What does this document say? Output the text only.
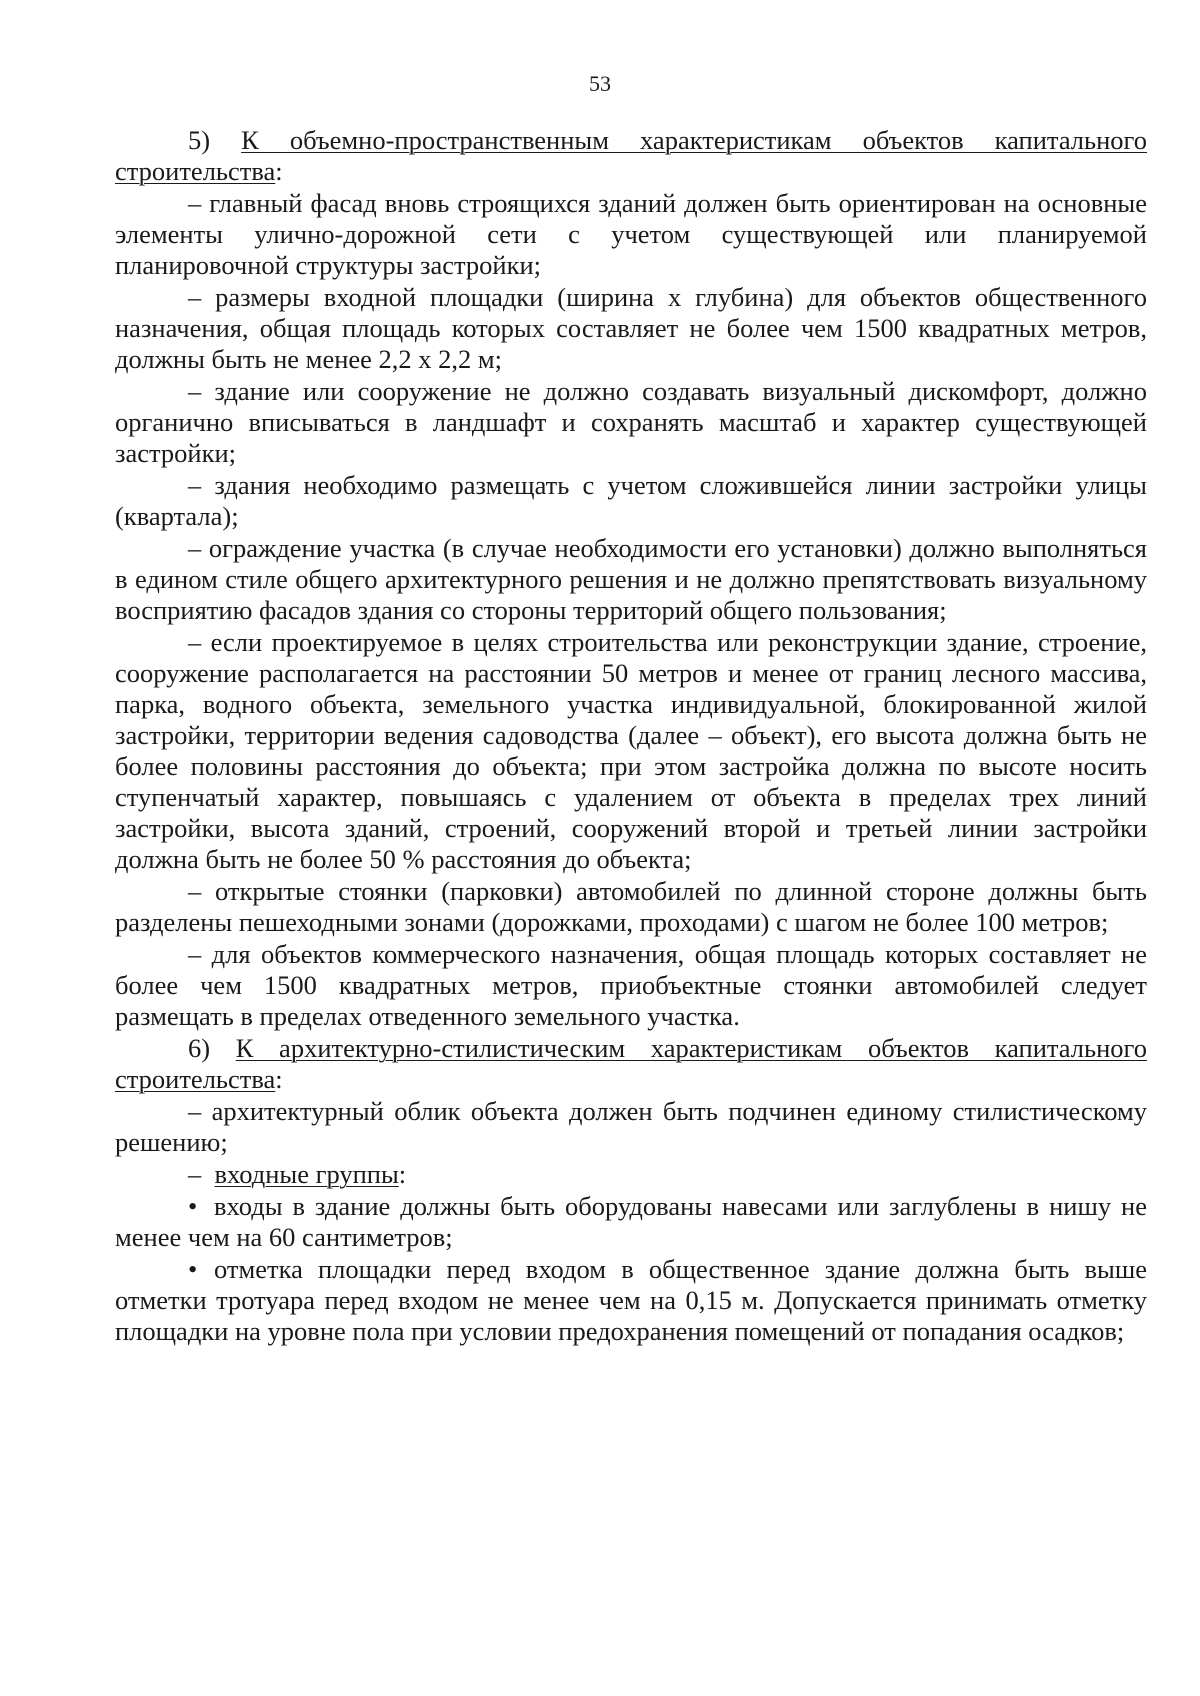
53

5) К объемно-пространственным характеристикам объектов капитального строительства:

– главный фасад вновь строящихся зданий должен быть ориентирован на основные элементы улично-дорожной сети с учетом существующей или планируемой планировочной структуры застройки;

– размеры входной площадки (ширина х глубина) для объектов общественного назначения, общая площадь которых составляет не более чем 1500 квадратных метров, должны быть не менее 2,2 х 2,2 м;

– здание или сооружение не должно создавать визуальный дискомфорт, должно органично вписываться в ландшафт и сохранять масштаб и характер существующей застройки;

– здания необходимо размещать с учетом сложившейся линии застройки улицы (квартала);

– ограждение участка (в случае необходимости его установки) должно выполняться в едином стиле общего архитектурного решения и не должно препятствовать визуальному восприятию фасадов здания со стороны территорий общего пользования;

– если проектируемое в целях строительства или реконструкции здание, строение, сооружение располагается на расстоянии 50 метров и менее от границ лесного массива, парка, водного объекта, земельного участка индивидуальной, блокированной жилой застройки, территории ведения садоводства (далее – объект), его высота должна быть не более половины расстояния до объекта; при этом застройка должна по высоте носить ступенчатый характер, повышаясь с удалением от объекта в пределах трех линий застройки, высота зданий, строений, сооружений второй и третьей линии застройки должна быть не более 50 % расстояния до объекта;

– открытые стоянки (парковки) автомобилей по длинной стороне должны быть разделены пешеходными зонами (дорожками, проходами) с шагом не более 100 метров;

– для объектов коммерческого назначения, общая площадь которых составляет не более чем 1500 квадратных метров, приобъектные стоянки автомобилей следует размещать в пределах отведенного земельного участка.

6) К архитектурно-стилистическим характеристикам объектов капитального строительства:

– архитектурный облик объекта должен быть подчинен единому стилистическому решению;

– входные группы:

• входы в здание должны быть оборудованы навесами или заглублены в нишу не менее чем на 60 сантиметров;

• отметка площадки перед входом в общественное здание должна быть выше отметки тротуара перед входом не менее чем на 0,15 м. Допускается принимать отметку площадки на уровне пола при условии предохранения помещений от попадания осадков;
